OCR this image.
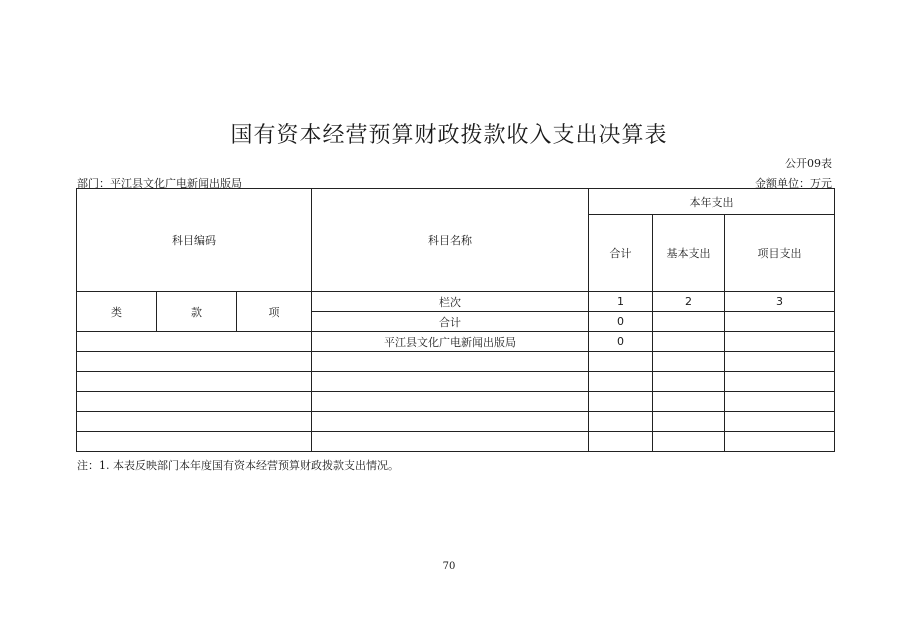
国有资本经营预算财政拨款收入支出决算表
公开09表
部门：平江县文化广电新闻出版局	金额单位：万元
科目编码			科目名称	本年支出		
				合计	基本支出	项目支出
类	款	项	栏次	1	2	3
			合计	0		
			平江县文化广电新闻出版局	0		

注：1. 本表反映部门本年度国有资本经营预算财政拨款支出情况。
70
